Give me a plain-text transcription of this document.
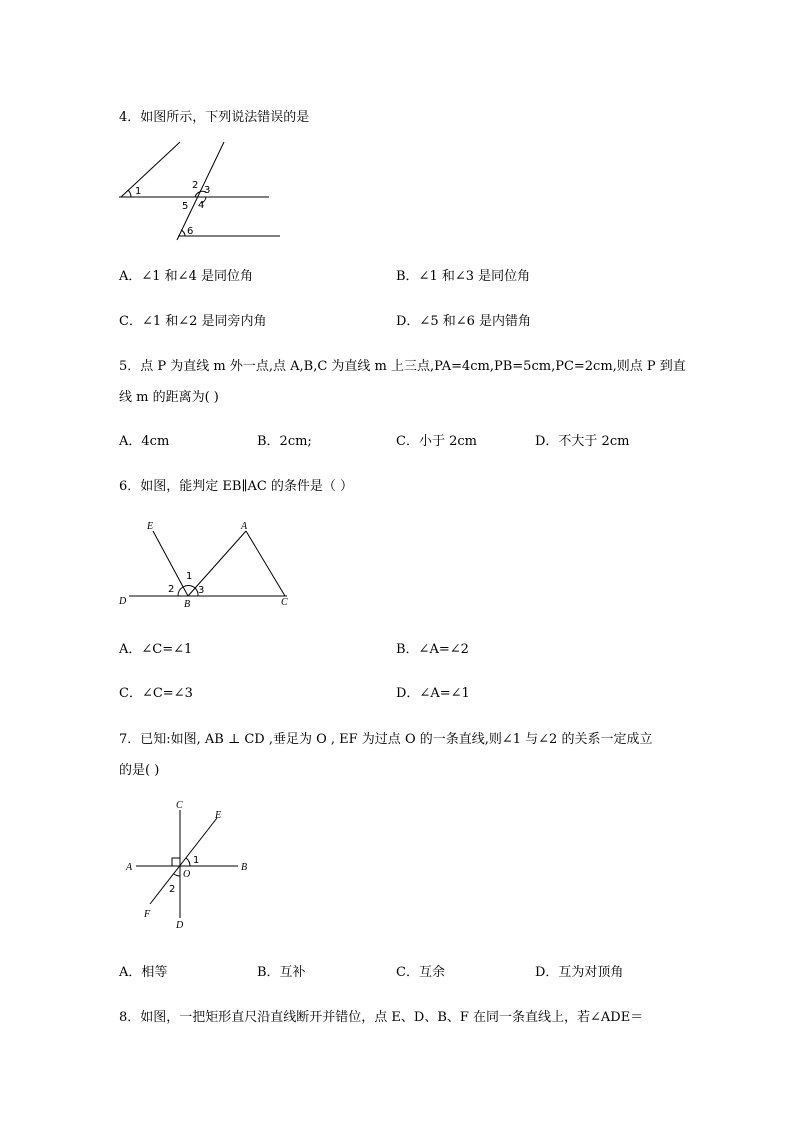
4．如图所示，下列说法错误的是
1
2 3
4
5
6
A．∠1 和∠4 是同位角	B．∠1 和∠3 是同位角
C．∠1 和∠2 是同旁内角	D．∠5 和∠6 是内错角
5．点 P 为直线 m 外一点,点 A,B,C 为直线 m 上三点,PA=4cm,PB=5cm,PC=2cm,则点 P 到直
线 m 的距离为( )
A．4cm	B．2cm;	C．小于 2cm	D．不大于 2cm
6．如图，能判定 EB∥AC 的条件是（ ）
E	A
D	B	C
1
2 3
A．∠C=∠1	B．∠A=∠2
C．∠C=∠3	D．∠A=∠1
7．已知:如图, AB ⊥ CD ,垂足为 O , EF 为过点 O 的一条直线,则∠1 与∠2 的关系一定成立
的是( )
C
E
A	B
O
F
D
1
2
A．相等	B．互补	C．互余	D．互为对顶角
8．如图，一把矩形直尺沿直线断开并错位，点 E、D、B、F 在同一条直线上，若∠ADE＝
